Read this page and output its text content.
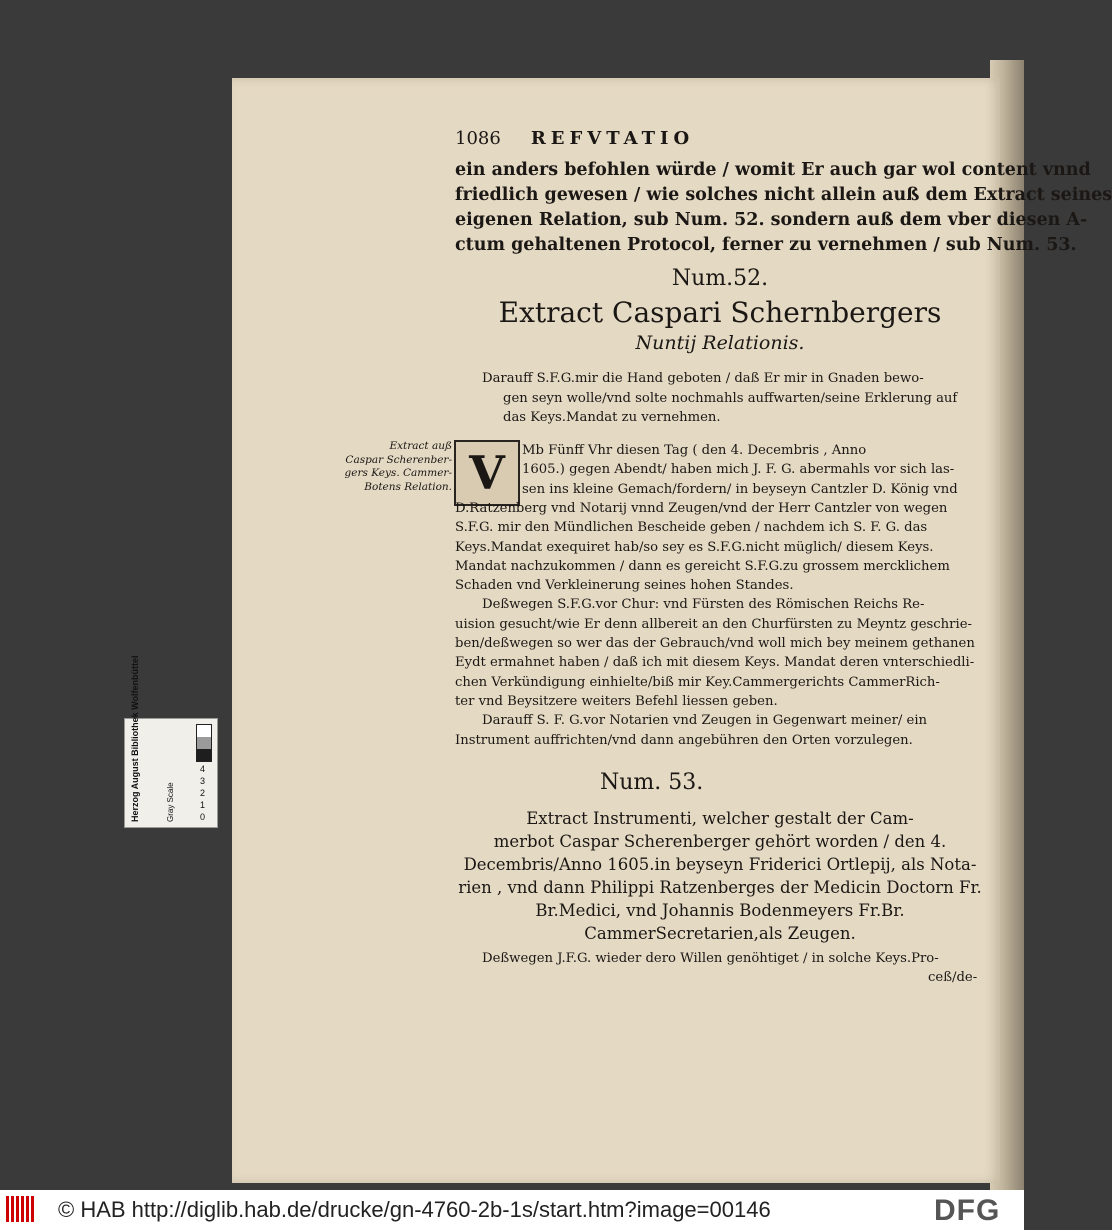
1086 REFVTATIO
ein anders befohlen würde / womit Er auch gar wol content vnnd
friedlich gewesen / wie solches nicht allein auß dem Extract seines
eigenen Relation, sub Num. 52. sondern auß dem vber diesen A-
ctum gehaltenen Protocol, ferner zu vernehmen / sub Num. 53.
Num.52.
Extract Caspari Schernbergers
Nuntij Relationis.
Darauff S.F.G.mir die Hand geboten / daß Er mir in Gnaden bewo-
gen seyn wolle/vnd solte nochmahls auffwarten/seine Erklerung auf
das Keys.Mandat zu vernehmen.
Extract auß
Caspar Scherenber-
gers Keys. Cammer-
Botens Relation. V	Mb Fünff Vhr diesen Tag ( den 4. Decembris , Anno
1605.) gegen Abendt/ haben mich J. F. G. abermahls vor sich las-
sen ins kleine Gemach/fordern/ in beyseyn Cantzler D. König vnd
D.Ratzenberg vnd Notarij vnnd Zeugen/vnd der Herr Cantzler von wegen
S.F.G. mir den Mündlichen Bescheide geben / nachdem ich S. F. G. das
Keys.Mandat exequiret hab/so sey es S.F.G.nicht müglich/ diesem Keys.
Mandat nachzukommen / dann es gereicht S.F.G.zu grossem mercklichem
Schaden vnd Verkleinerung seines hohen Standes.
Deßwegen S.F.G.vor Chur: vnd Fürsten des Römischen Reichs Re-
uision gesucht/wie Er denn allbereit an den Churfürsten zu Meyntz geschrie-
ben/deßwegen so wer das der Gebrauch/vnd woll mich bey meinem gethanen
Eydt ermahnet haben / daß ich mit diesem Keys. Mandat deren vnterschiedli-
chen Verkündigung einhielte/biß mir Key.Cammergerichts CammerRich-
ter vnd Beysitzere weiters Befehl liessen geben.
Darauff S. F. G.vor Notarien vnd Zeugen in Gegenwart meiner/ ein
Instrument auffrichten/vnd dann angebühren den Orten vorzulegen.
Num. 53.
Extract Instrumenti, welcher gestalt der Cam-
merbot Caspar Scherenberger gehört worden / den 4.
Decembris/Anno 1605.in beyseyn Friderici Ortlepij, als Nota-
rien , vnd dann Philippi Ratzenberges der Medicin Doctorn Fr.
Br.Medici, vnd Johannis Bodenmeyers Fr.Br.
CammerSecretarien,als Zeugen.
Deßwegen J.F.G. wieder dero Willen genöhtiget / in solche Keys.Pro-
ceß/de-
Herzog August Bibliothek Wolfenbüttel	Gray Scale	0
1
2
3
4
© HAB http://diglib.hab.de/drucke/gn-4760-2b-1s/start.htm?image=00146	DFG
